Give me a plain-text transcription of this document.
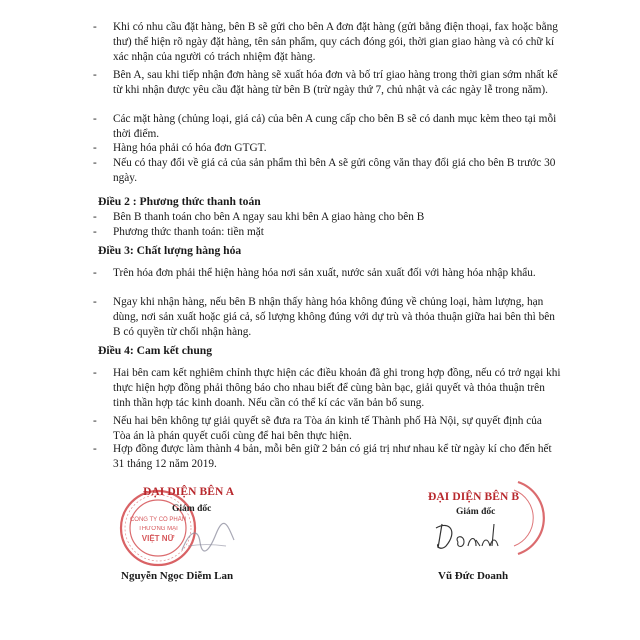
- Khi có nhu cầu đặt hàng, bên B sẽ gửi cho bên A đơn đặt hàng (gửi bằng điện thoại, fax hoặc bằng thư) thể hiện rõ ngày đặt hàng, tên sản phẩm, quy cách đóng gói, thời gian giao hàng và có chữ kí xác nhận của người có trách nhiệm đặt hàng.
- Bên A, sau khi tiếp nhận đơn hàng sẽ xuất hóa đơn và bố trí giao hàng trong thời gian sớm nhất kể từ khi nhận được yêu cầu đặt hàng từ bên B (trừ ngày thứ 7, chủ nhật và các ngày lễ trong năm).
- Các mặt hàng (chủng loại, giá cả) của bên A cung cấp cho bên B sẽ có danh mục kèm theo tại mỗi thời điểm.
- Hàng hóa phải có hóa đơn GTGT.
- Nếu có thay đổi về giá cả của sản phẩm thì bên A sẽ gửi công văn thay đổi giá cho bên B trước 30 ngày.
Điều 2 : Phương thức thanh toán
- Bên B thanh toán cho bên A ngay sau khi bên A giao hàng cho bên B
- Phương thức thanh toán: tiền mặt
Điều 3: Chất lượng hàng hóa
- Trên hóa đơn phải thể hiện hàng hóa nơi sản xuất, nước sản xuất đối với hàng hóa nhập khẩu.
- Ngay khi nhận hàng, nếu bên B nhận thấy hàng hóa không đúng về chủng loại, hàm lượng, hạn dùng, nơi sản xuất hoặc giá cả, số lượng không đúng với dự trù và thỏa thuận giữa hai bên thì bên B có quyền từ chối nhận hàng.
Điều 4: Cam kết chung
- Hai bên cam kết nghiêm chỉnh thực hiện các điều khoản đã ghi trong hợp đồng, nếu có trở ngại khi thực hiện hợp đồng phải thông báo cho nhau biết để cùng bàn bạc, giải quyết và thỏa thuận trên tinh thần hợp tác kinh doanh. Nếu cần có thể kí các văn bản bổ sung.
- Nếu hai bên không tự giải quyết sẽ đưa ra Tòa án kinh tế Thành phố Hà Nội, sự quyết định của Tòa án là phán quyết cuối cùng để hai bên thực hiện.
- Hợp đồng được làm thành 4 bản, mỗi bên giữ 2 bản có giá trị như nhau kể từ ngày kí cho đến hết 31 tháng 12 năm 2019.
CÔNG TY CỔ PHẦN
THƯƠNG MẠI
VIỆT NỮ
ĐẠI DIỆN BÊN A
Giám đốc
Nguyễn Ngọc Diễm Lan
ĐẠI DIỆN BÊN B
Giám đốc
Vũ Đức Doanh
